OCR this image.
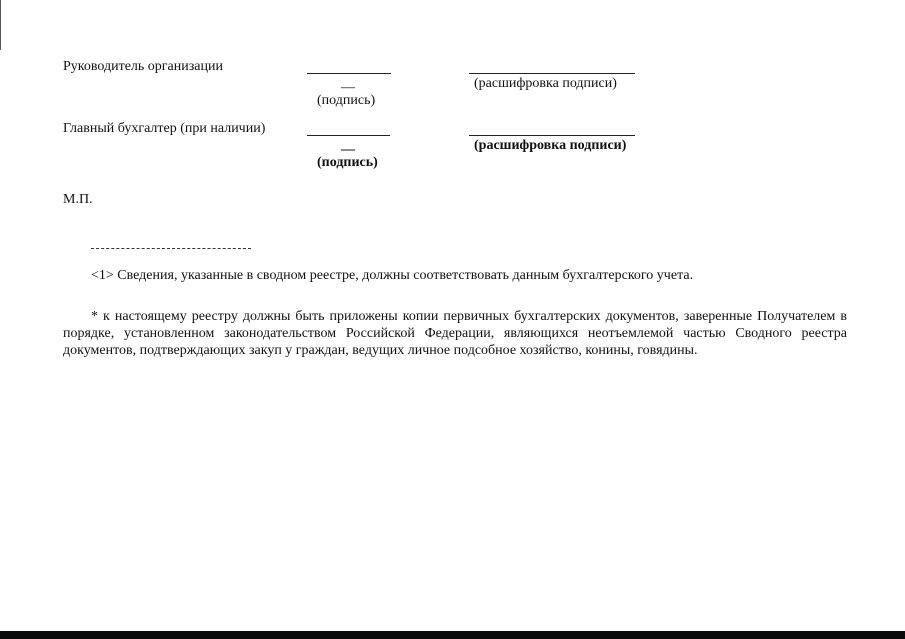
Руководитель организации
—
(подпись)
(расшифровка подписи)
Главный бухгалтер (при наличии)
—
(подпись)
(расшифровка подписи)
М.П.
<1> Сведения, указанные в сводном реестре, должны соответствовать данным бухгалтерского учета.
* к настоящему реестру должны быть приложены копии первичных бухгалтерских документов, заверенные Получателем в порядке, установленном законодательством Российской Федерации, являющихся неотъемлемой частью Сводного реестра документов, подтверждающих закуп у граждан, ведущих личное подсобное хозяйство, конины, говядины.
